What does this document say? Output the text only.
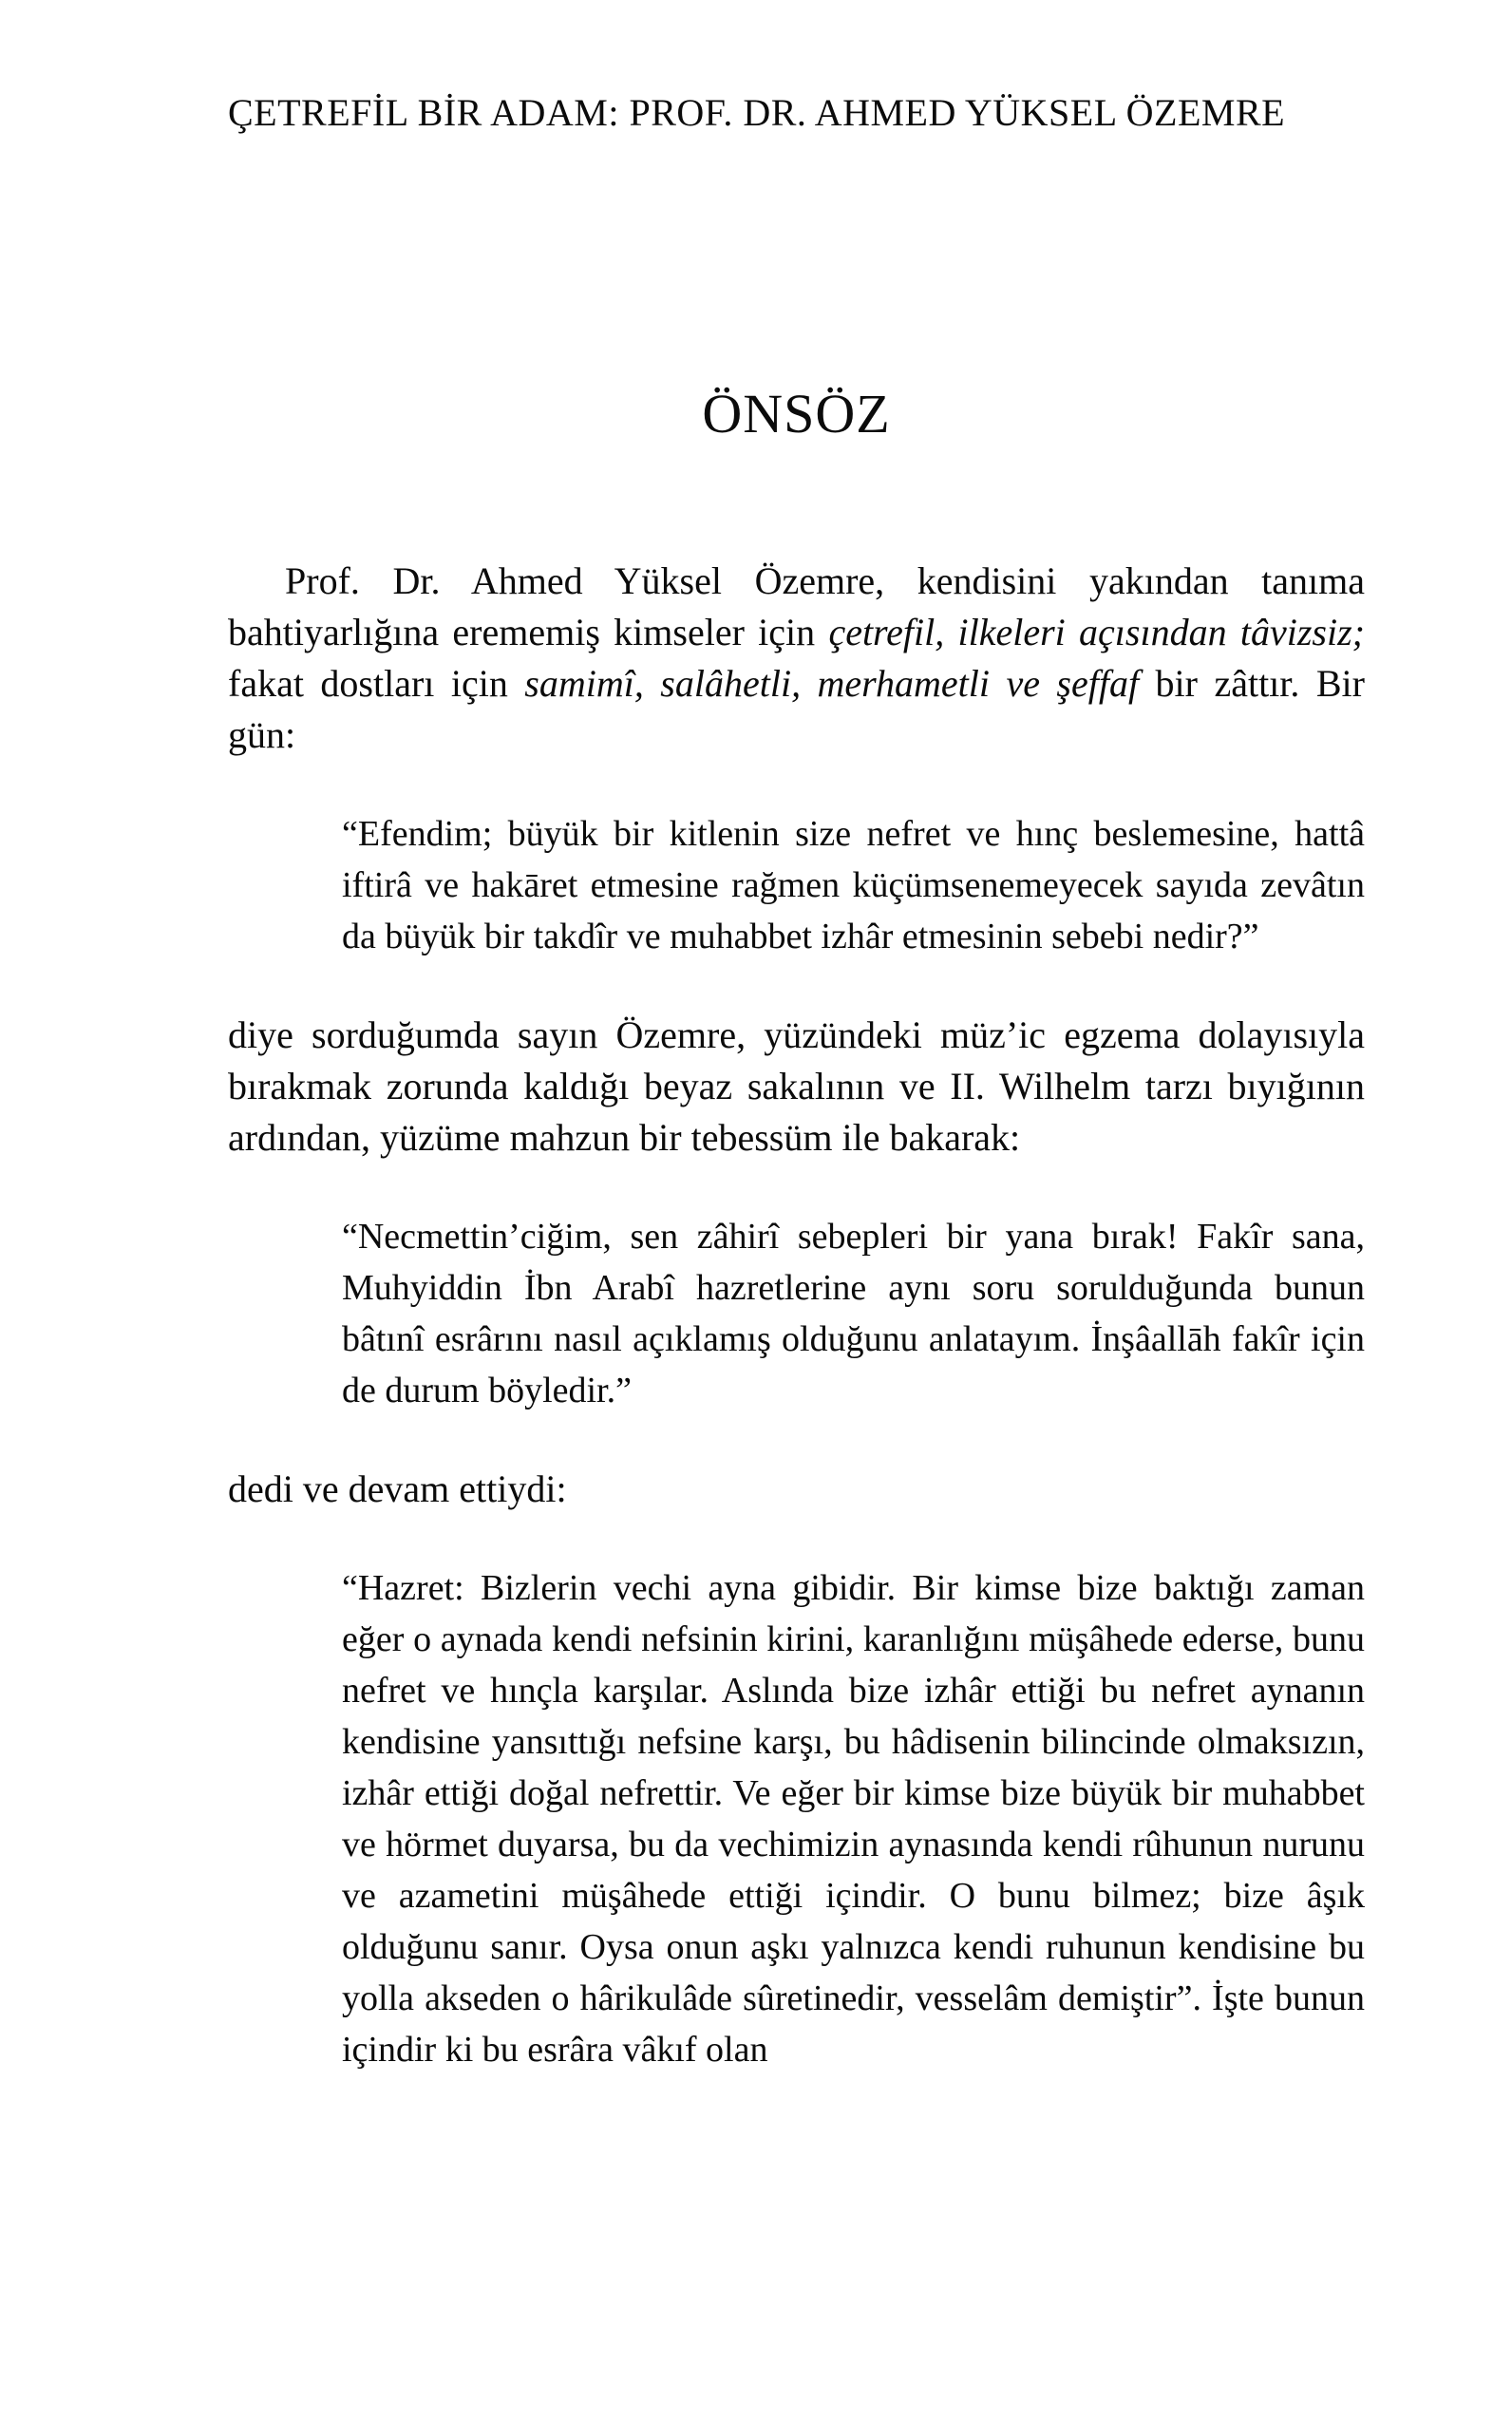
ÇETREFİL BİR ADAM: PROF. DR. AHMED YÜKSEL ÖZEMRE
ÖNSÖZ

Prof. Dr. Ahmed Yüksel Özemre, kendisini yakından tanıma bahtiyarlığına erememiş kimseler için çetrefil, ilkeleri açısından tâvizsiz; fakat dostları için samimî, salâhetli, merhametli ve şeffaf bir zâttır. Bir gün:

“Efendim; büyük bir kitlenin size nefret ve hınç beslemesine, hattâ iftirâ ve hakāret etmesine rağmen küçümsenemeyecek sayıda zevâtın da büyük bir takdîr ve muhabbet izhâr etmesinin sebebi nedir?”

diye sorduğumda sayın Özemre, yüzündeki müz’ic egzema dolayısıyla bırakmak zorunda kaldığı beyaz sakalının ve II. Wilhelm tarzı bıyığının ardından, yüzüme mahzun bir tebessüm ile bakarak:

“Necmettin’ciğim, sen zâhirî sebepleri bir yana bırak! Fakîr sana, Muhyiddin İbn Arabî hazretlerine aynı soru sorulduğunda bunun bâtınî esrârını nasıl açıklamış olduğunu anlatayım. İnşâallāh fakîr için de durum böyledir.”

dedi ve devam ettiydi:

“Hazret: Bizlerin vechi ayna gibidir. Bir kimse bize baktığı zaman eğer o aynada kendi nefsinin kirini, karanlığını müşâhede ederse, bunu nefret ve hınçla karşılar. Aslında bize izhâr ettiği bu nefret aynanın kendisine yansıttığı nefsine karşı, bu hâdisenin bilincinde olmaksızın, izhâr ettiği doğal nefrettir. Ve eğer bir kimse bize büyük bir muhabbet ve hörmet duyarsa, bu da vechimizin aynasında kendi rûhunun nurunu ve azametini müşâhede ettiği içindir. O bunu bilmez; bize âşık olduğunu sanır. Oysa onun aşkı yalnızca kendi ruhunun kendisine bu yolla akseden o hârikulâde sûretinedir, vesselâm demiştir”. İşte bunun içindir ki bu esrâra vâkıf olan
